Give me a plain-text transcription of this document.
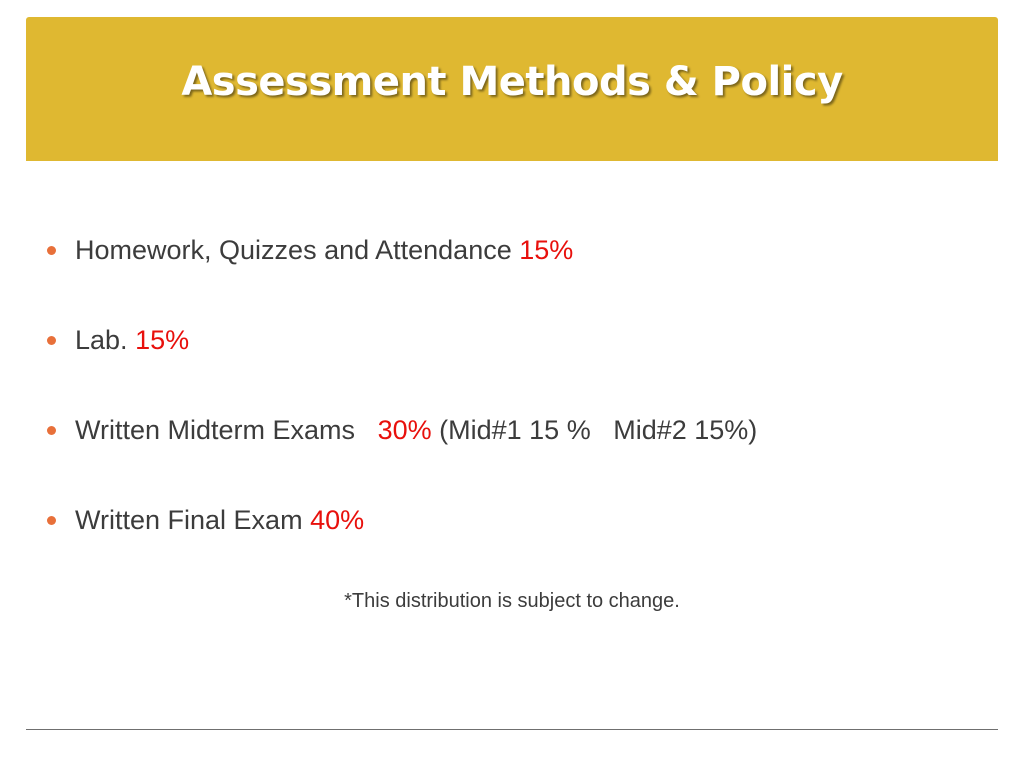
Assessment Methods & Policy
Homework, Quizzes and Attendance
15%
Lab.
15%
Written Midterm Exams
30%
(Mid#1 15 %   Mid#2 15%)
Written Final Exam
40%
*This distribution is subject to change.
